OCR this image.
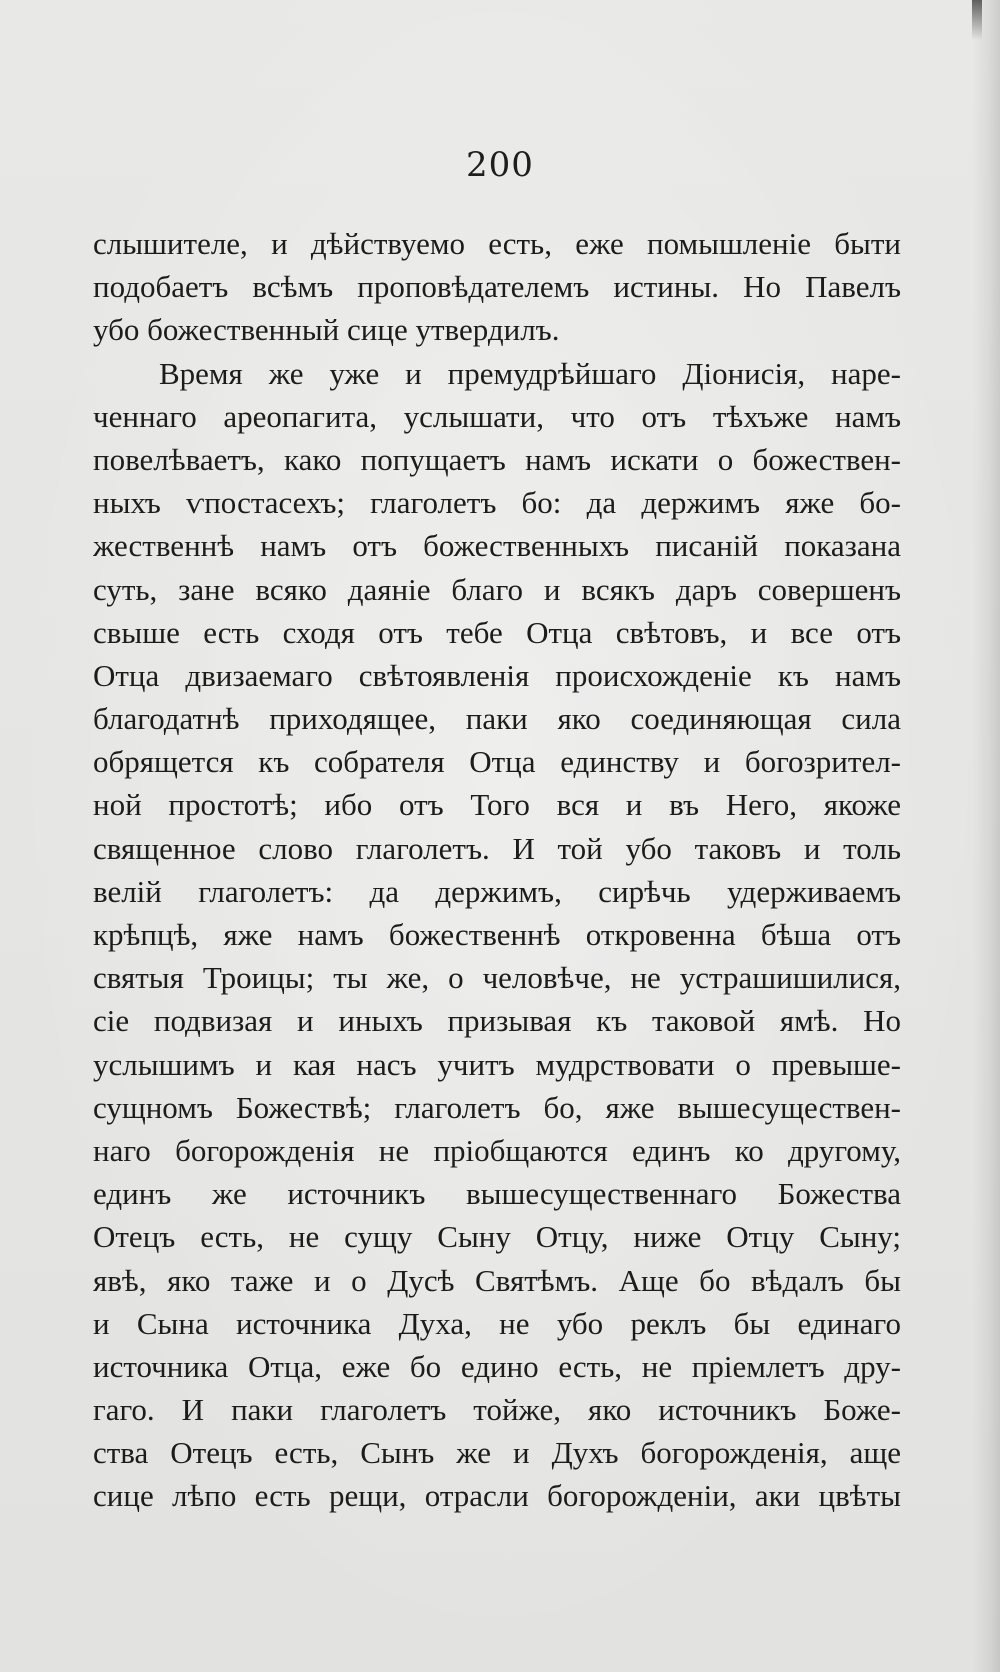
200
слышителе, и дѣйствуемо есть, еже помышленіе быти
подобаетъ всѣмъ проповѣдателемъ истины. Но Павелъ
убо божественный сице утвердилъ.
Время же уже и премудрѣйшаго Діонисія, наре-
ченнаго ареопагита, услышати, что отъ тѣхъже намъ
повелѣваетъ, како попущаетъ намъ искати о божествен-
ныхъ ѵпостасехъ; глаголетъ бо: да держимъ яже бо-
жественнѣ намъ отъ божественныхъ писаній показана
суть, зане всяко даяніе благо и всякъ даръ совершенъ
свыше есть сходя отъ тебе Отца свѣтовъ, и все отъ
Отца двизаемаго свѣтоявленія происхожденіе къ намъ
благодатнѣ приходящее, паки яко соединяющая сила
обрящется къ собрателя Отца единству и богозрител-
ной простотѣ; ибо отъ Того вся и въ Него, якоже
священное слово глаголетъ. И той убо таковъ и толь
велій глаголетъ: да держимъ, сирѣчь удерживаемъ
крѣпцѣ, яже намъ божественнѣ откровенна бѣша отъ
святыя Троицы; ты же, о человѣче, не устрашишилися,
сіе подвизая и иныхъ призывая къ таковой ямѣ. Но
услышимъ и кая насъ учитъ мудрствовати о превыше-
сущномъ Божествѣ; глаголетъ бо, яже вышесуществен-
наго богорожденія не пріобщаются единъ ко другому,
единъ же источникъ вышесущественнаго Божества
Отецъ есть, не сущу Сыну Отцу, ниже Отцу Сыну;
явѣ, яко таже и о Дусѣ Святѣмъ. Аще бо вѣдалъ бы
и Сына источника Духа, не убо реклъ бы единаго
источника Отца, еже бо едино есть, не пріемлетъ дру-
гаго. И паки глаголетъ тойже, яко источникъ Боже-
ства Отецъ есть, Сынъ же и Духъ богорожденія, аще
сице лѣпо есть рещи, отрасли богорожденіи, аки цвѣты
